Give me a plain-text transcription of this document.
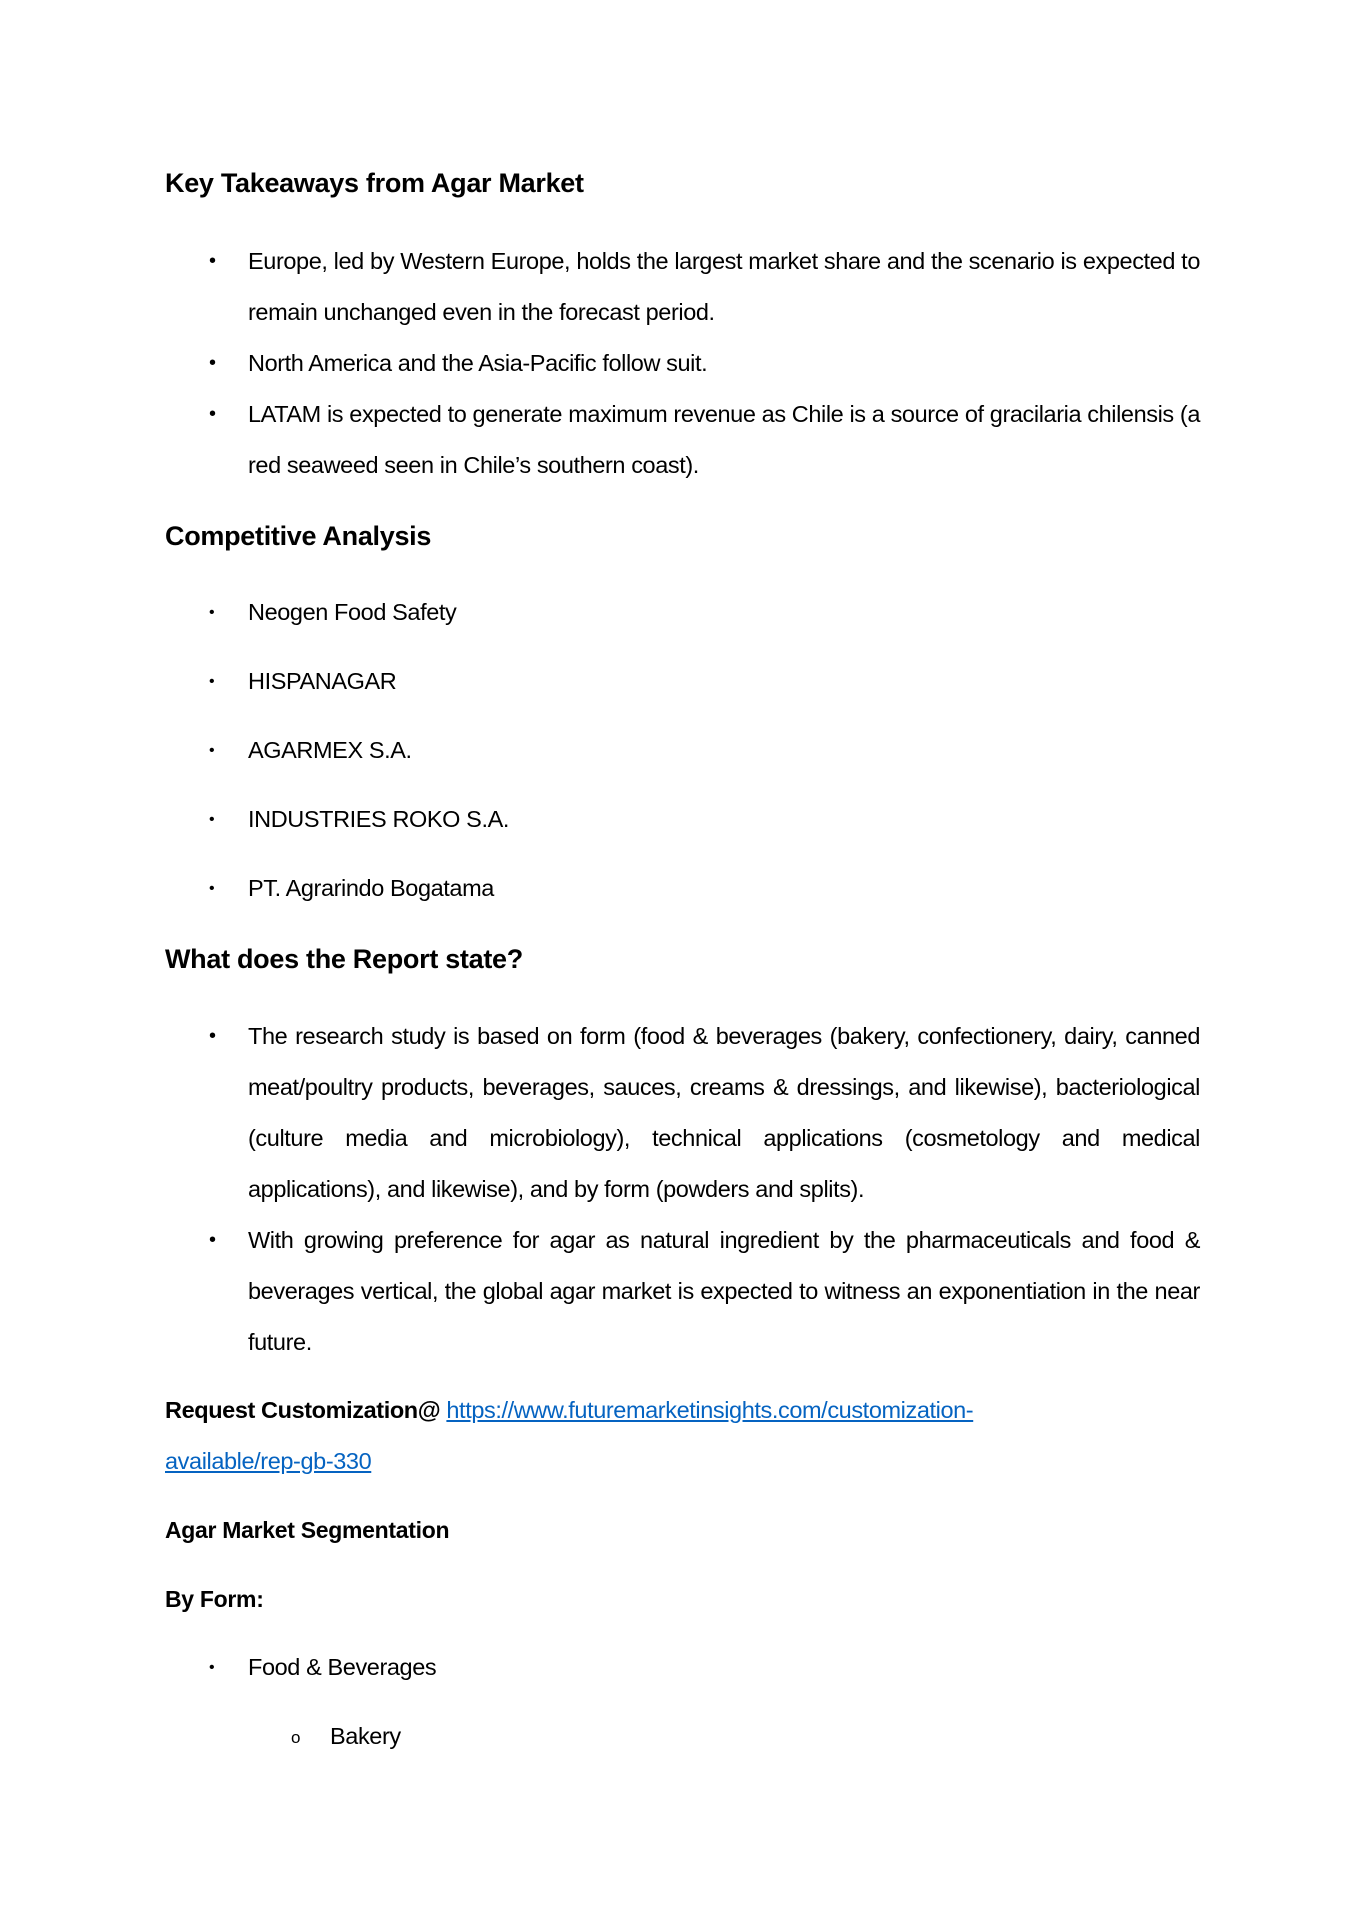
Key Takeaways from Agar Market
• Europe, led by Western Europe, holds the largest market share and the scenario is expected to remain unchanged even in the forecast period.
• North America and the Asia-Pacific follow suit.
• LATAM is expected to generate maximum revenue as Chile is a source of gracilaria chilensis (a red seaweed seen in Chile’s southern coast).
Competitive Analysis
• Neogen Food Safety
• HISPANAGAR
• AGARMEX S.A.
• INDUSTRIES ROKO S.A.
• PT. Agrarindo Bogatama
What does the Report state?
• The research study is based on form (food & beverages (bakery, confectionery, dairy, canned meat/poultry products, beverages, sauces, creams & dressings, and likewise), bacteriological (culture media and microbiology), technical applications (cosmetology and medical applications), and likewise), and by form (powders and splits).
• With growing preference for agar as natural ingredient by the pharmaceuticals and food & beverages vertical, the global agar market is expected to witness an exponentiation in the near future.
Request Customization@ https://www.futuremarketinsights.com/customization-
available/rep-gb-330
Agar Market Segmentation
By Form:
• Food & Beverages
o Bakery
